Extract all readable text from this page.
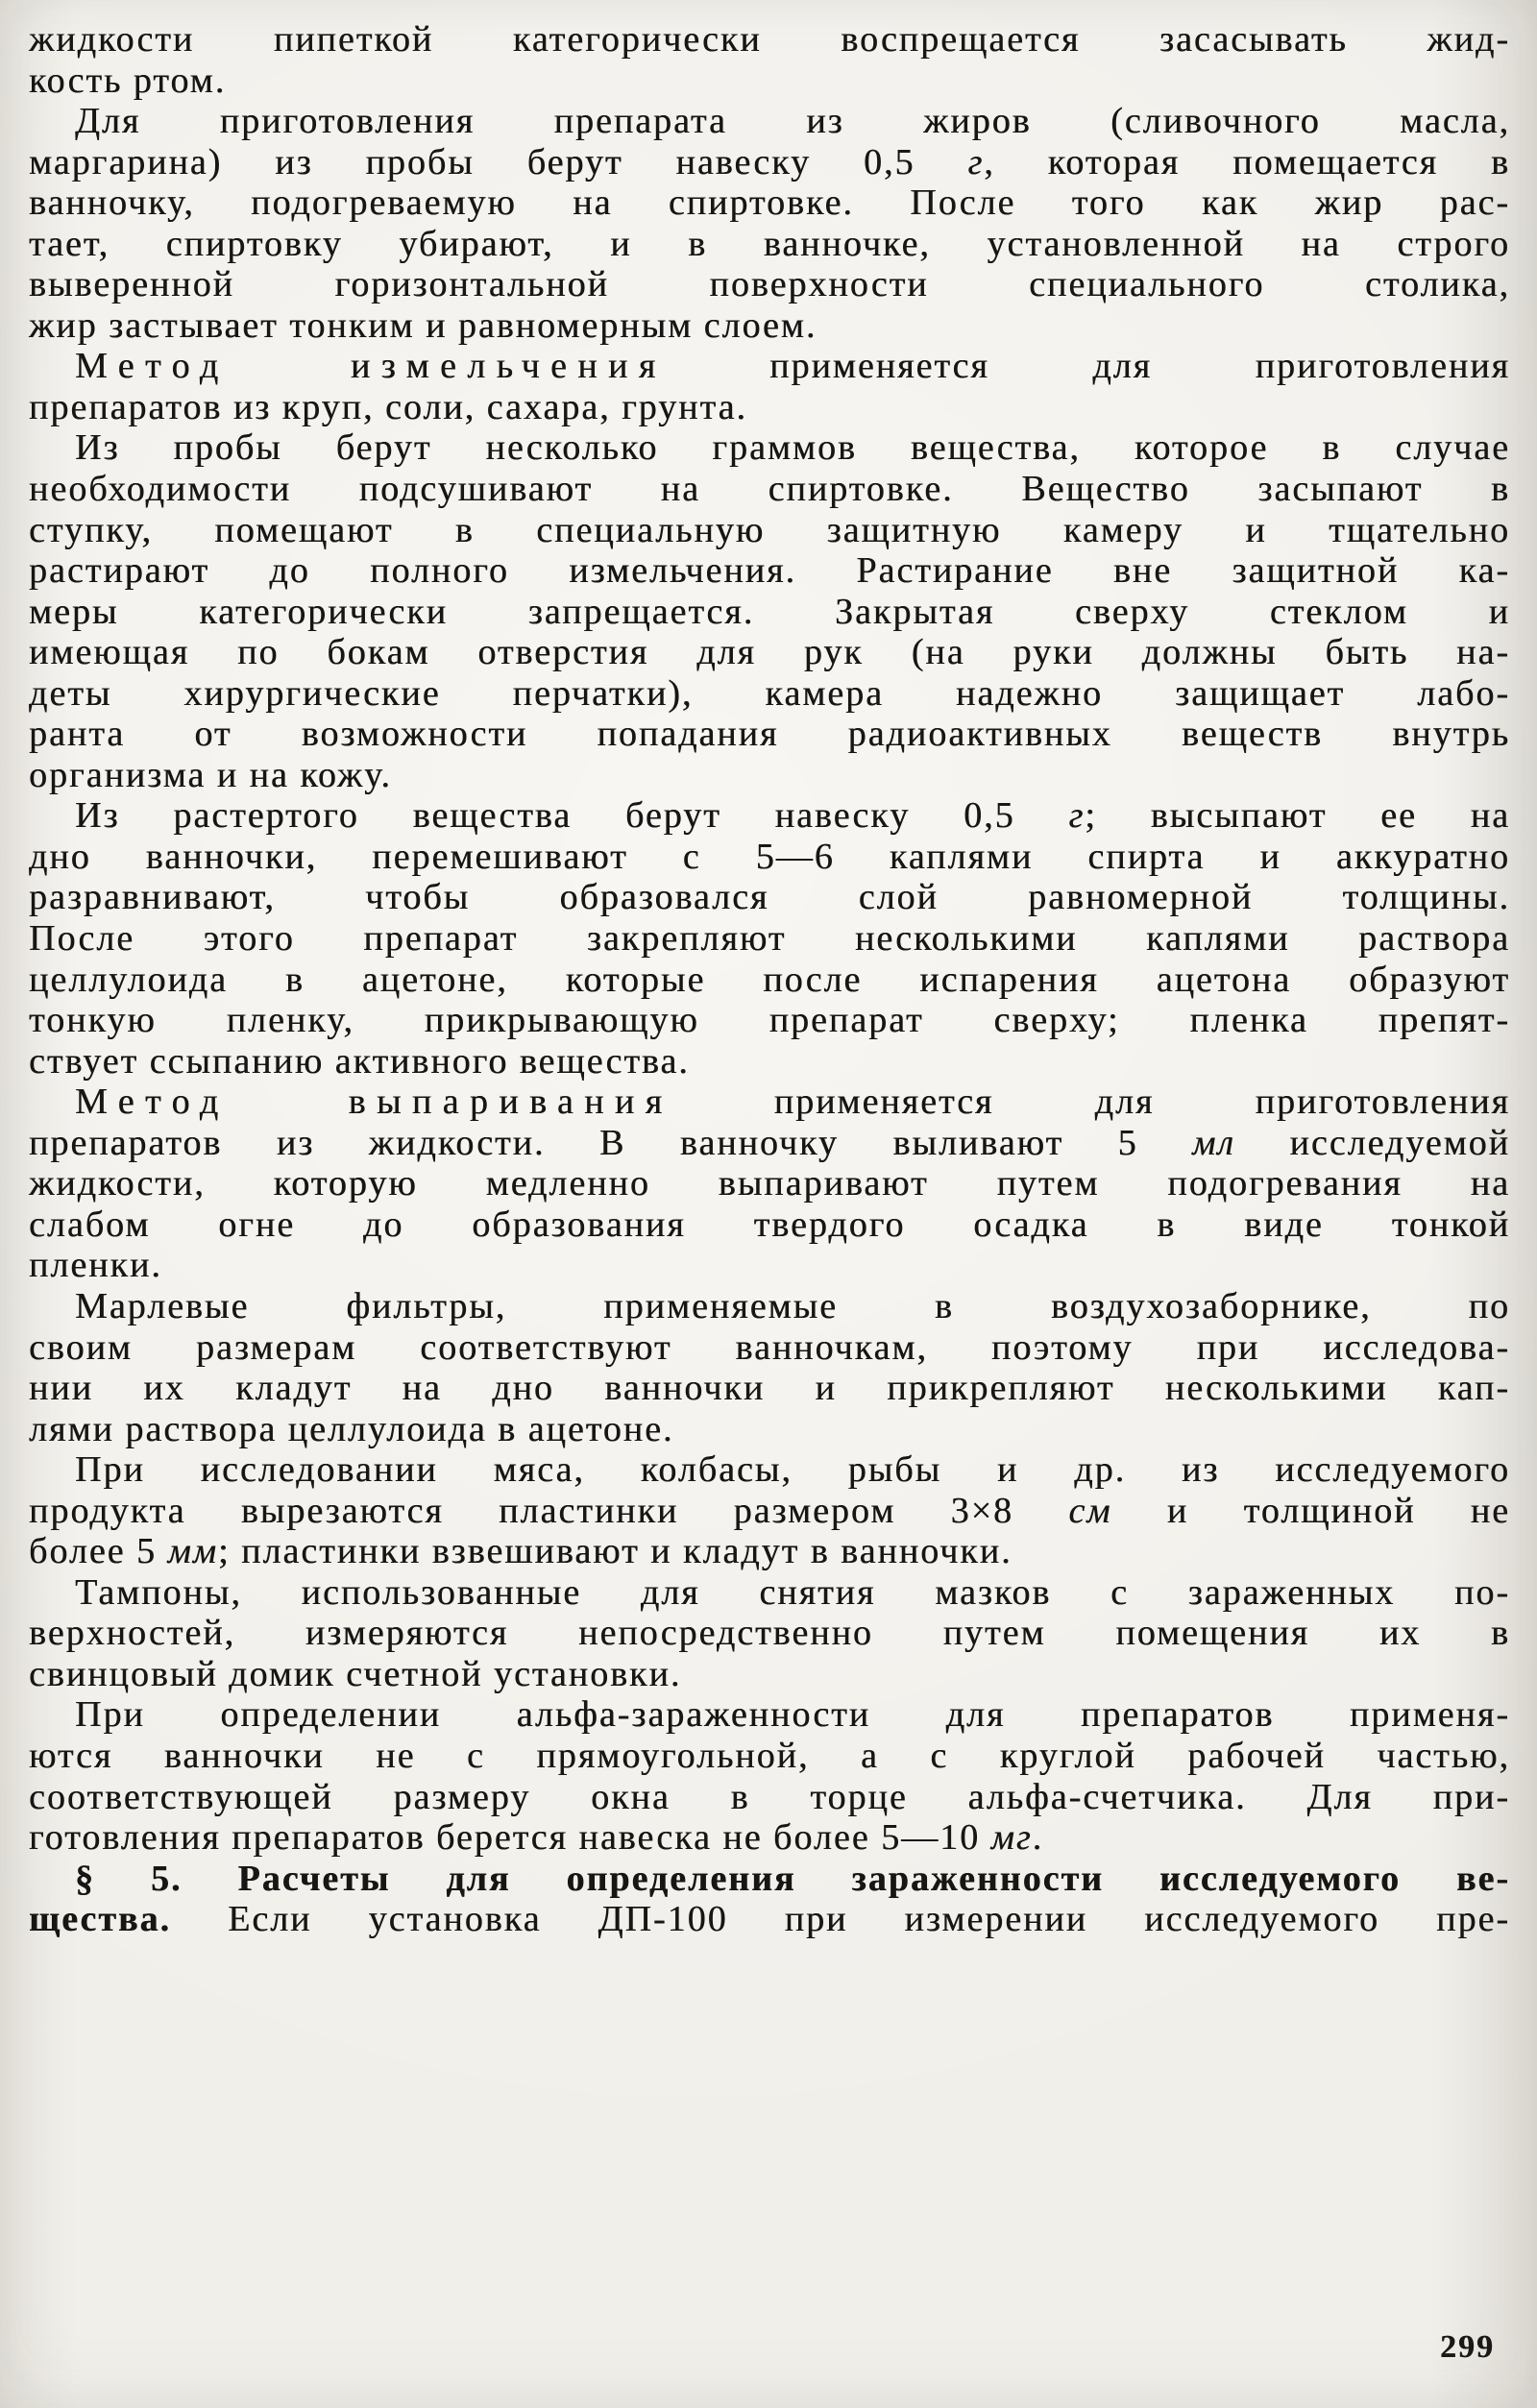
жидкости пипеткой категорически воспрещается засасывать жид-
кость ртом.
Для приготовления препарата из жиров (сливочного масла,
маргарина) из пробы берут навеску 0,5 г, которая помещается в
ванночку, подогреваемую на спиртовке. После того как жир рас-
тает, спиртовку убирают, и в ванночке, установленной на строго
выверенной горизонтальной поверхности специального столика,
жир застывает тонким и равномерным слоем.
Метод измельчения применяется для приготовления
препаратов из круп, соли, сахара, грунта.
Из пробы берут несколько граммов вещества, которое в случае
необходимости подсушивают на спиртовке. Вещество засыпают в
ступку, помещают в специальную защитную камеру и тщательно
растирают до полного измельчения. Растирание вне защитной ка-
меры категорически запрещается. Закрытая сверху стеклом и
имеющая по бокам отверстия для рук (на руки должны быть на-
деты хирургические перчатки), камера надежно защищает лабо-
ранта от возможности попадания радиоактивных веществ внутрь
организма и на кожу.
Из растертого вещества берут навеску 0,5 г; высыпают ее на
дно ванночки, перемешивают с 5—6 каплями спирта и аккуратно
разравнивают, чтобы образовался слой равномерной толщины.
После этого препарат закрепляют несколькими каплями раствора
целлулоида в ацетоне, которые после испарения ацетона образуют
тонкую пленку, прикрывающую препарат сверху; пленка препят-
ствует ссыпанию активного вещества.
Метод выпаривания применяется для приготовления
препаратов из жидкости. В ванночку выливают 5 мл исследуемой
жидкости, которую медленно выпаривают путем подогревания на
слабом огне до образования твердого осадка в виде тонкой
пленки.
Марлевые фильтры, применяемые в воздухозаборнике, по
своим размерам соответствуют ванночкам, поэтому при исследова-
нии их кладут на дно ванночки и прикрепляют несколькими кап-
лями раствора целлулоида в ацетоне.
При исследовании мяса, колбасы, рыбы и др. из исследуемого
продукта вырезаются пластинки размером 3×8 см и толщиной не
более 5 мм; пластинки взвешивают и кладут в ванночки.
Тампоны, использованные для снятия мазков с зараженных по-
верхностей, измеряются непосредственно путем помещения их в
свинцовый домик счетной установки.
При определении альфа-зараженности для препаратов применя-
ются ванночки не с прямоугольной, а с круглой рабочей частью,
соответствующей размеру окна в торце альфа-счетчика. Для при-
готовления препаратов берется навеска не более 5—10 мг.
§ 5. Расчеты для определения зараженности исследуемого ве-
щества. Если установка ДП-100 при измерении исследуемого пре-
299
